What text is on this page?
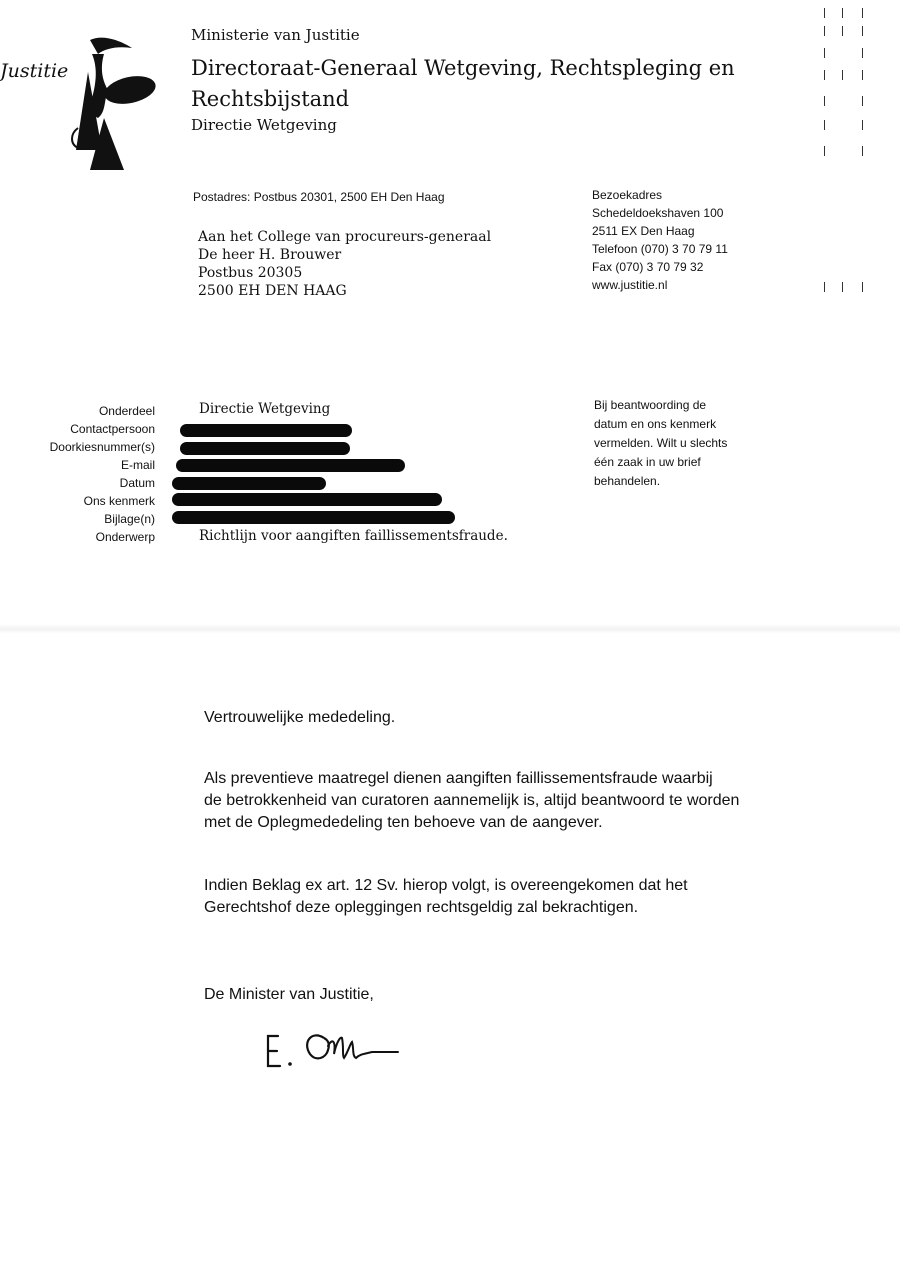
Justitie
Ministerie van Justitie
Directoraat-Generaal Wetgeving, Rechtspleging en Rechtsbijstand
Directie Wetgeving
Postadres: Postbus 20301, 2500 EH Den Haag
Aan het College van procureurs-generaal
De heer H. Brouwer
Postbus 20305
2500 EH DEN HAAG
Bezoekadres
Schedeldoekshaven 100
2511 EX Den Haag
Telefoon (070) 3 70 79 11
Fax (070) 3 70 79 32
www.justitie.nl
Onderdeel
Contactpersoon
Doorkiesnummer(s)
E-mail
Datum
Ons kenmerk
Bijlage(n)
Onderwerp
Directie Wetgeving
Richtlijn voor aangiften faillissementsfraude.
Bij beantwoording de
datum en ons kenmerk
vermelden. Wilt u slechts
één zaak in uw brief
behandelen.
Vertrouwelijke mededeling.
Als preventieve maatregel dienen aangiften faillissementsfraude waarbij
de betrokkenheid van curatoren aannemelijk is, altijd beantwoord te worden
met de Oplegmededeling ten behoeve van de aangever.
Indien Beklag ex art. 12 Sv. hierop volgt, is overeengekomen dat het
Gerechtshof deze opleggingen rechtsgeldig zal bekrachtigen.
De Minister van Justitie,
